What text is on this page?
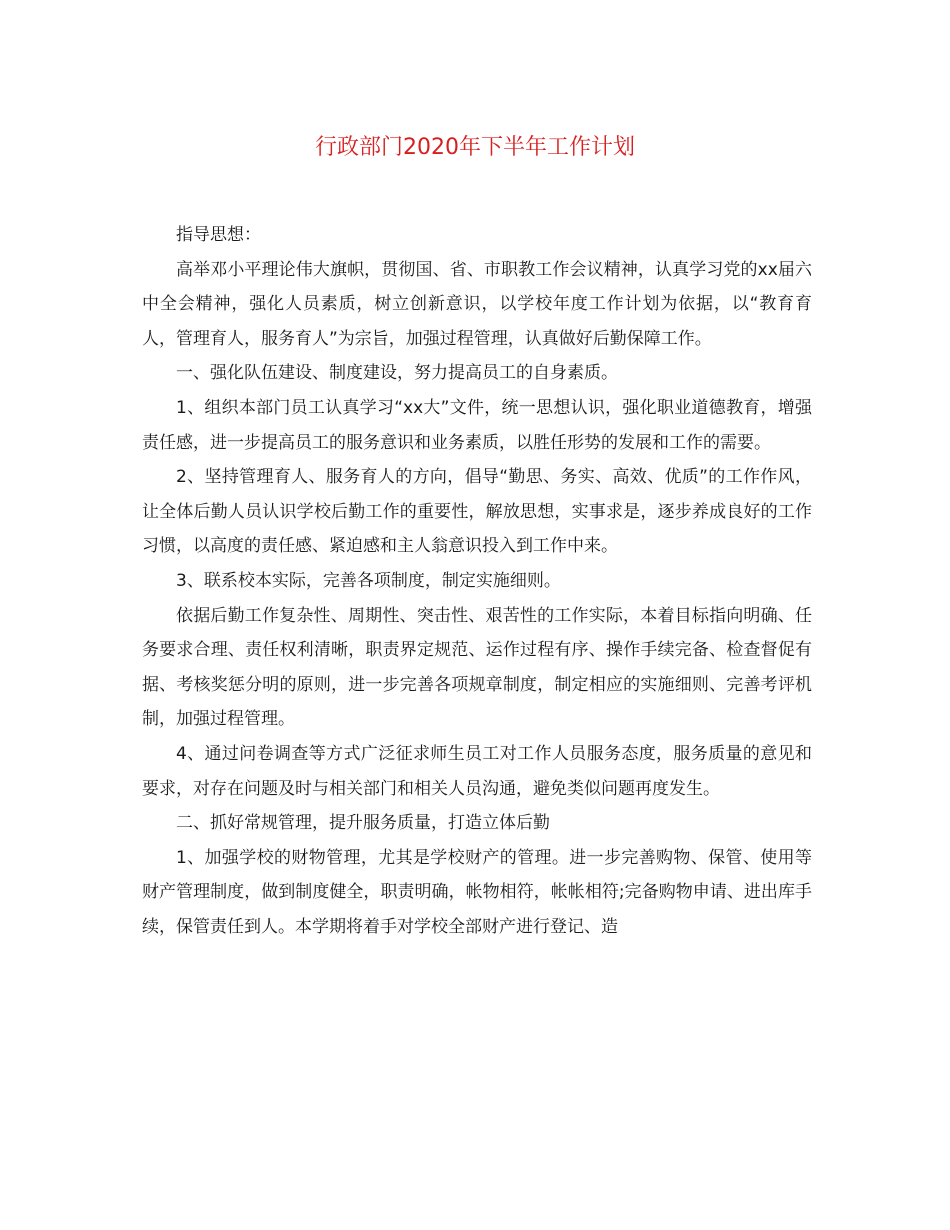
行政部门2020年下半年工作计划

指导思想：

高举邓小平理论伟大旗帜，贯彻国、省、市职教工作会议精神，认真学习党的xx届六中全会精神，强化人员素质，树立创新意识，以学校年度工作计划为依据，以“教育育人，管理育人，服务育人”为宗旨，加强过程管理，认真做好后勤保障工作。

一、强化队伍建设、制度建设，努力提高员工的自身素质。

1、组织本部门员工认真学习“xx大”文件，统一思想认识，强化职业道德教育，增强责任感，进一步提高员工的服务意识和业务素质，以胜任形势的发展和工作的需要。

2、坚持管理育人、服务育人的方向，倡导“勤思、务实、高效、优质”的工作作风，让全体后勤人员认识学校后勤工作的重要性，解放思想，实事求是，逐步养成良好的工作习惯，以高度的责任感、紧迫感和主人翁意识投入到工作中来。

3、联系校本实际，完善各项制度，制定实施细则。

依据后勤工作复杂性、周期性、突击性、艰苦性的工作实际，本着目标指向明确、任务要求合理、责任权利清晰，职责界定规范、运作过程有序、操作手续完备、检查督促有据、考核奖惩分明的原则，进一步完善各项规章制度，制定相应的实施细则、完善考评机制，加强过程管理。

4、通过问卷调查等方式广泛征求师生员工对工作人员服务态度，服务质量的意见和要求，对存在问题及时与相关部门和相关人员沟通，避免类似问题再度发生。

二、抓好常规管理，提升服务质量，打造立体后勤

1、加强学校的财物管理，尤其是学校财产的管理。进一步完善购物、保管、使用等财产管理制度，做到制度健全，职责明确，帐物相符，帐帐相符;完备购物申请、进出库手续，保管责任到人。本学期将着手对学校全部财产进行登记、造
